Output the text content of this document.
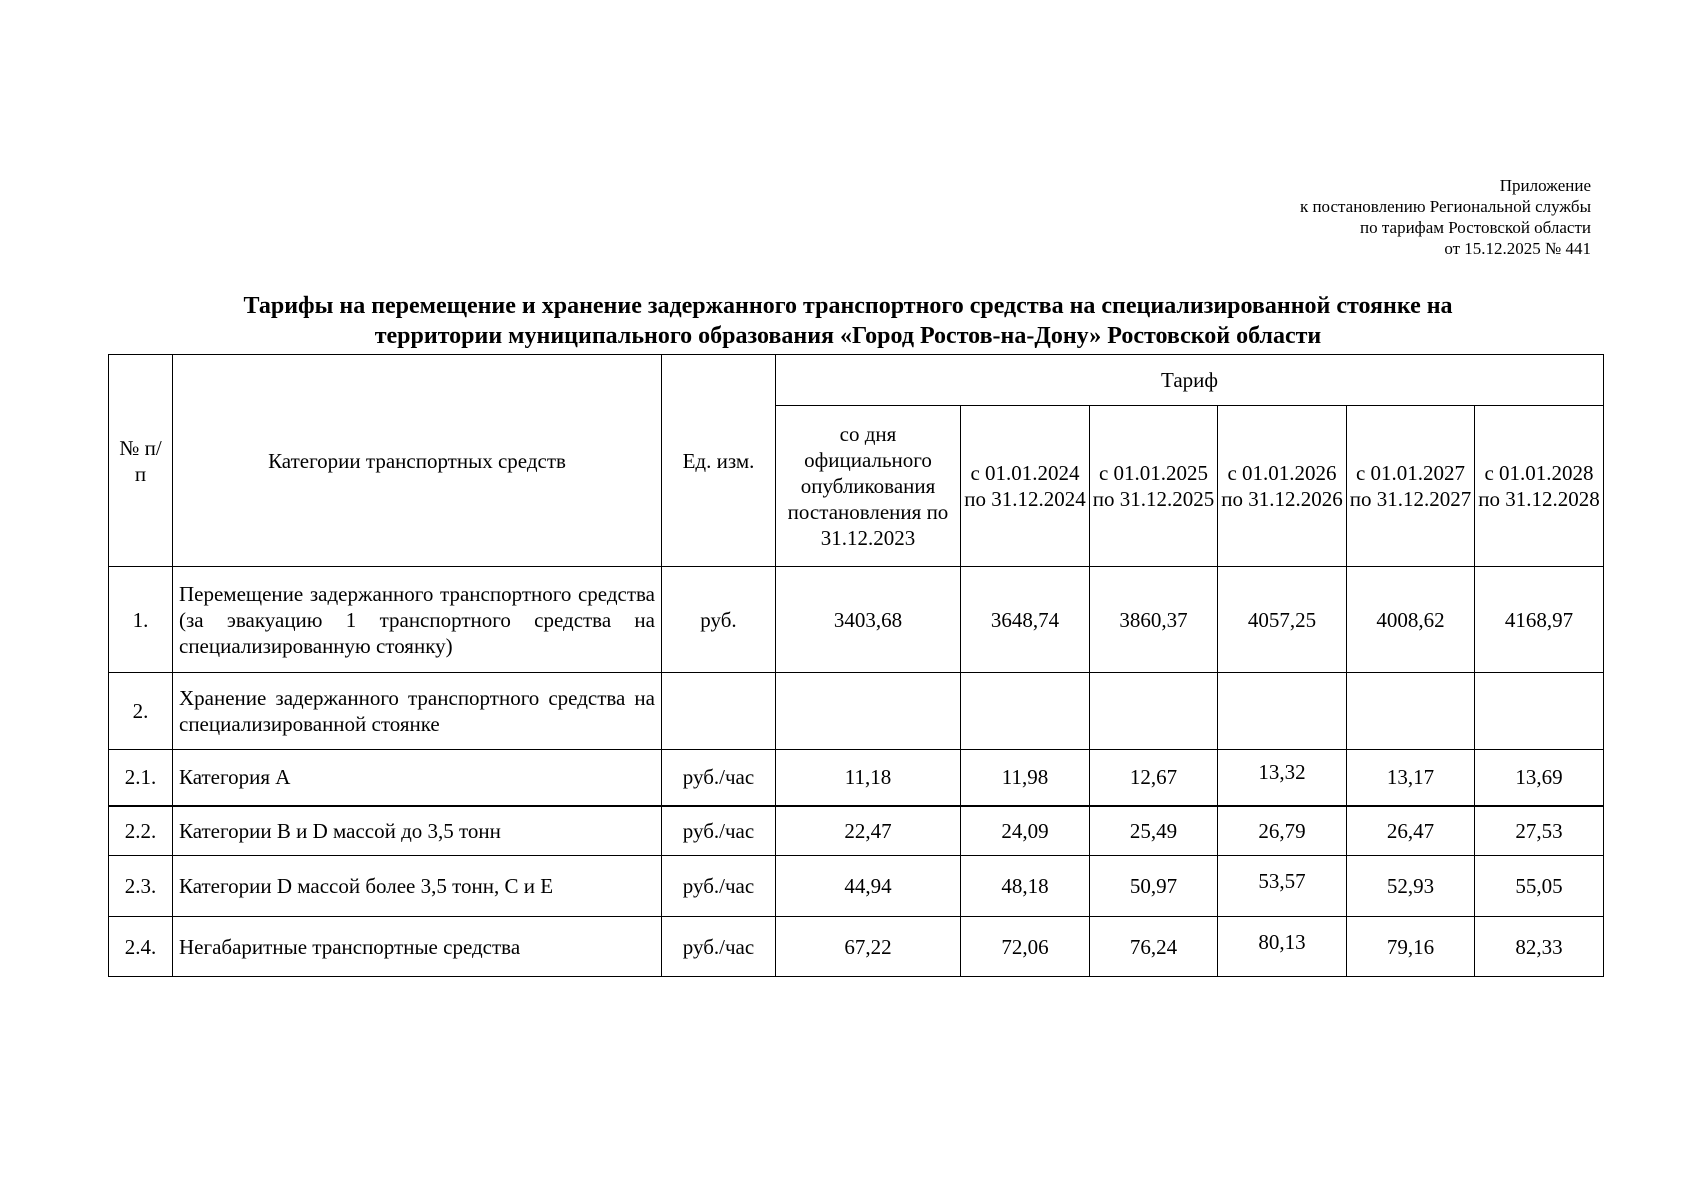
Приложение
к постановлению Региональной службы
по тарифам Ростовской области
от 15.12.2025 № 441
Тарифы на перемещение и хранение задержанного транспортного средства на специализированной стоянке на
территории муниципального образования «Город Ростов-на-Дону» Ростовской области
№ п/п	Категории транспортных средств	Ед. изм.	Тариф					
			со дня официального опубликования постановления по 31.12.2023	с 01.01.2024 по 31.12.2024	с 01.01.2025 по 31.12.2025	с 01.01.2026 по 31.12.2026	с 01.01.2027 по 31.12.2027	с 01.01.2028 по 31.12.2028
1.	Перемещение задержанного транспортного средства (за эвакуацию 1 транспортного средства на специализированную стоянку)	руб.	3403,68	3648,74	3860,37	4057,25	4008,62	4168,97
2.	Хранение задержанного транспортного средства на специализированной стоянке							
2.1.	Категория A	руб./час	11,18	11,98	12,67	13,32	13,17	13,69
2.2.	Категории B и D массой до 3,5 тонн	руб./час	22,47	24,09	25,49	26,79	26,47	27,53
2.3.	Категории D массой более 3,5 тонн, C и E	руб./час	44,94	48,18	50,97	53,57	52,93	55,05
2.4.	Негабаритные транспортные средства	руб./час	67,22	72,06	76,24	80,13	79,16	82,33
